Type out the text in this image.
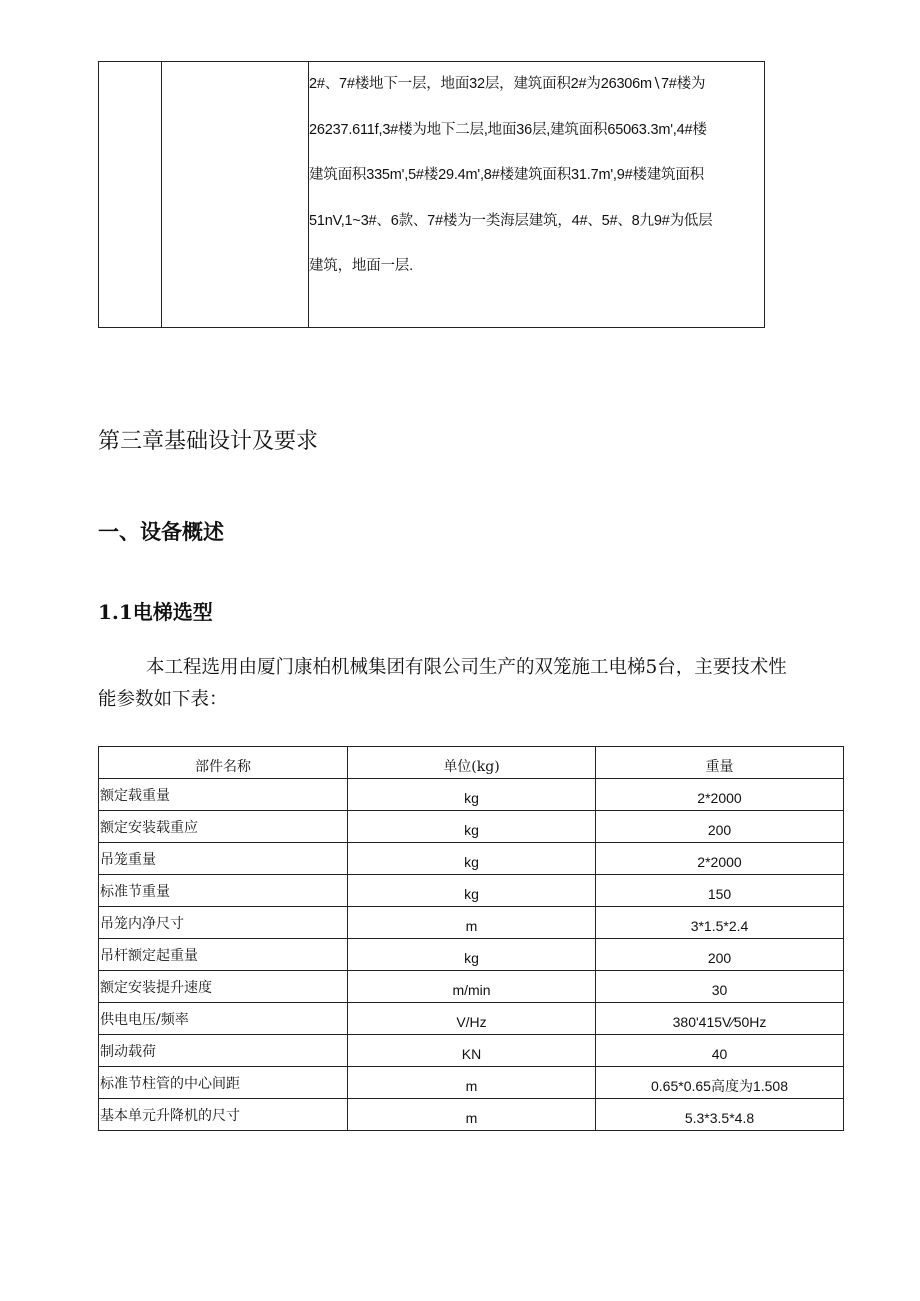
2#、7#楼地下一层，地面32层，建筑面积2#为26306m∖7#楼为
26237.611f,3#楼为地下二层,地面36层,建筑面积65063.3m',4#楼
建筑面积335m',5#楼29.4m',8#楼建筑面积31.7m',9#楼建筑面积
51nV,1~3#、6款、7#楼为一类海层建筑，4#、5#、8九9#为低层
建筑，地面一层.
第三章基础设计及要求
一、设备概述
1.1电梯选型
本工程选用由厦门康柏机械集团有限公司生产的双笼施工电梯5台，主要技术性
能参数如下表：
部件名称	单位(kg)	重量
额定载重量	kg	2*2000
额定安装载重应	kg	200
吊笼重量	kg	2*2000
标准节重量	kg	150
吊笼内净尺寸	m	3*1.5*2.4
吊杆额定起重量	kg	200
额定安装提升速度	m/min	30
供电电压/频率	V/Hz	380'415V∕50Hz
制动载荷	KN	40
标准节柱管的中心间距	m	0.65*0.65高度为1.508
基本单元升降机的尺寸	m	5.3*3.5*4.8
